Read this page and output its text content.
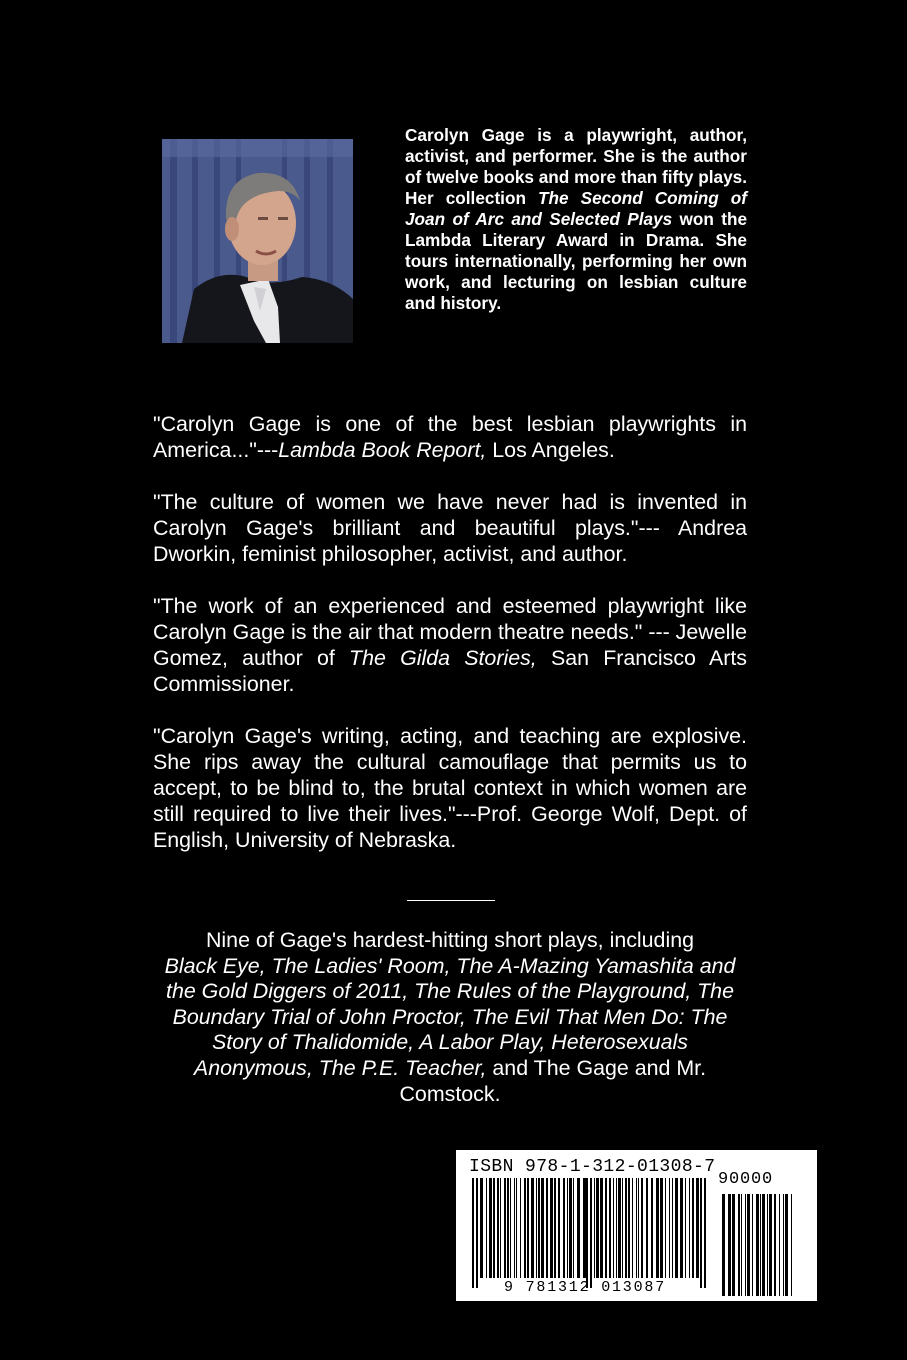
Carolyn Gage is a playwright, author, activist, and performer. She is the author of twelve books and more than fifty plays. Her collection The Second Coming of Joan of Arc and Selected Plays won the Lambda Literary Award in Drama. She tours internationally, performing her own work, and lecturing on lesbian culture and history.

"Carolyn Gage is one of the best lesbian playwrights in America..."---Lambda Book Report, Los Angeles.

"The culture of women we have never had is invented in Carolyn Gage's brilliant and beautiful plays."--- Andrea Dworkin, feminist philosopher, activist, and author.

"The work of an experienced and esteemed playwright like Carolyn Gage is the air that modern theatre needs." --- Jewelle Gomez, author of The Gilda Stories, San Francisco Arts Commissioner.

"Carolyn Gage's writing, acting, and teaching are explosive. She rips away the cultural camouflage that permits us to accept, to be blind to, the brutal context in which women are still required to live their lives."---Prof. George Wolf, Dept. of English, University of Nebraska.

Nine of Gage's hardest-hitting short plays, including
Black Eye, The Ladies' Room, The A-Mazing Yamashita and the Gold Diggers of 2011, The Rules of the Playground, The Boundary Trial of John Proctor, The Evil That Men Do: The Story of Thalidomide, A Labor Play, Heterosexuals Anonymous, The P.E. Teacher, and The Gage and Mr. Comstock.
ISBN 978-1-312-01308-7
90000
9 781312 013087
